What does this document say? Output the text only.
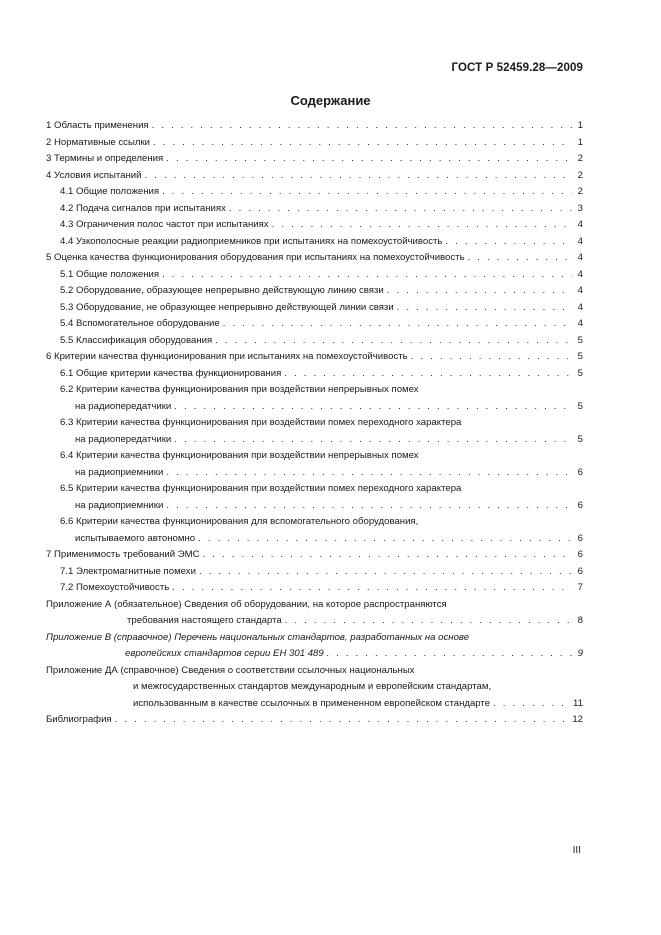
ГОСТ Р 52459.28—2009
Содержание
1 Область применения . . .	1
2 Нормативные ссылки . . .	1
3 Термины и определения . . .	2
4 Условия испытаний . . .	2
4.1 Общие положения . . .	2
4.2 Подача сигналов при испытаниях . . .	3
4.3 Ограничения полос частот при испытаниях . . .	4
4.4 Узкополосные реакции радиоприемников при испытаниях на помехоустойчивость . . .	4
5 Оценка качества функционирования оборудования при испытаниях на помехоустойчивость . . .	4
5.1 Общие положения . . .	4
5.2 Оборудование, образующее непрерывно действующую линию связи . . .	4
5.3 Оборудование, не образующее непрерывно действующей линии связи . . .	4
5.4 Вспомогательное оборудование . . .	4
5.5 Классификация оборудования . . .	5
6 Критерии качества функционирования при испытаниях на помехоустойчивость . . .	5
6.1 Общие критерии качества функционирования . . .	5
6.2 Критерии качества функционирования при воздействии непрерывных помех
на радиопередатчики . . .	5
6.3 Критерии качества функционирования при воздействии помех переходного характера
на радиопередатчики . . .	5
6.4 Критерии качества функционирования при воздействии непрерывных помех
на радиоприемники . . .	6
6.5 Критерии качества функционирования при воздействии помех переходного характера
на радиоприемники . . .	6
6.6 Критерии качества функционирования для вспомогательного оборудования,
испытываемого автономно . . .	6
7 Применимость требований ЭМС . . .	6
7.1 Электромагнитные помехи . . .	6
7.2 Помехоустойчивость . . .	7
Приложение А (обязательное) Сведения об оборудовании, на которое распространяются
требования настоящего стандарта . . .	8
Приложение В (справочное) Перечень национальных стандартов, разработанных на основе
европейских стандартов серии ЕН 301 489 . . .	9
Приложение ДА (справочное) Сведения о соответствии ссылочных национальных
и межгосударственных стандартов международным и европейским стандартам,
использованным в качестве ссылочных в примененном европейском стандарте . . .	11
Библиография . . .	12
III
